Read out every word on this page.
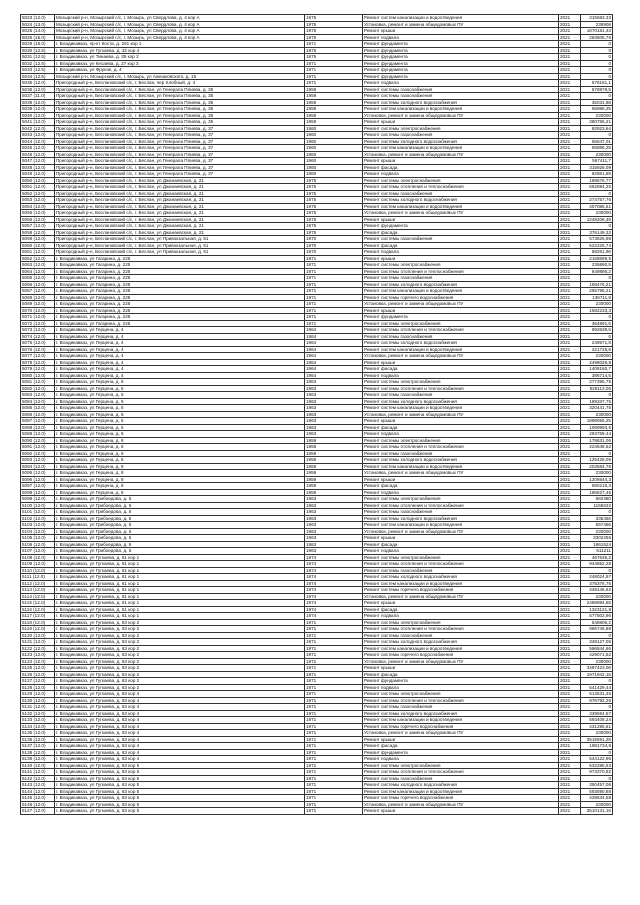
5023 (12.0)	Мозырский р-н, Мозырский с/с, г. Мозырь, ул Свердлова, д. 4 кор А	1975	Ремонт систем канализации и водоотведения	2021	315583,33
5024 (13.0)	Мозырский р-н, Мозырский с/с, г. Мозырь, ул Свердлова, д. 4 кор А	1975	Установка, ремонт и замена общедомовых ПУ	2021	238908
5025 (14.0)	Мозырский р-н, Мозырский с/с, г. Мозырь, ул Свердлова, д. 4 кор А	1975	Ремонт крыши	2021	1870181,43
5026 (15.0)	Мозырский р-н, Мозырский с/с, г. Мозырь, ул Свердлова, д. 4 кор А	1975	Ремонт подвала	2021	283505,76
5029 (15.0)	г. Владикавказ, пр-кт Коста, д. 261 кор 1	1971	Ремонт фундамента	2021	0
5030 (12.5)	г. Владикавказ, ул Гугкаева, д. 32 кор 4	1975	Ремонт фундамента	2021	0
5031 (12.5)	г. Владикавказ, ул Тинаева, д. 35 кор 2	1975	Ремонт фундамента	2021	0
5032 (12.5)	г. Владикавказ, ул Кесаева, д. 27 кор 3	1971	Ремонт фундамента	2021	0
5033 (12.5)	г. Владикавказ, ул Фрунзе, д. 4	1971	Ремонт фундамента	2021	0
5034 (12.5)	Мозырский р-н, Мозырский с/с, г. Мозырь, ул Ажешковского, д. 15	1971	Ремонт фундамента	2021	0
5035 (12.0)	Пригородный р-н, Беслановский с/с, г. Беслан, пер Хлебный, д. 4	1971	Ремонт подвала	2021	576161,1
5036 (12.0)	Пригородный р-н, Беслановский с/с, г. Беслан, ул Генерала Плиева, д. 35	1959	Ремонт системы газоснабжения	2021	578979,5
5037 (11.0)	Пригородный р-н, Беслановский с/с, г. Беслан, ул Генерала Плиева, д. 35	1959	Ремонт системы газоснабжения	2021	0
5038 (12.0)	Пригородный р-н, Беслановский с/с, г. Беслан, ул Генерала Плиева, д. 35	1959	Ремонт системы холодного водоснабжения	2021	35031,88
5039 (12.0)	Пригородный р-н, Беслановский с/с, г. Беслан, ул Генерала Плиева, д. 35	1959	Ремонт систем канализации и водоотведения	2021	65988,25
5040 (12.0)	Пригородный р-н, Беслановский с/с, г. Беслан, ул Генерала Плиева, д. 35	1959	Установка, ремонт и замена общедомовых ПУ	2021	230000
5041 (12.0)	Пригородный р-н, Беслановский с/с, г. Беслан, ул Генерала Плиева, д. 35	1959	Ремонт крыши	2021	380766,21
5042 (12.0)	Пригородный р-н, Беслановский с/с, г. Беслан, ул Генерала Плиева, д. 37	1960	Ремонт системы электроснабжения	2021	82923,64
5043 (12.0)	Пригородный р-н, Беслановский с/с, г. Беслан, ул Генерала Плиева, д. 37	1960	Ремонт системы газоснабжения	2021	0
5044 (12.0)	Пригородный р-н, Беслановский с/с, г. Беслан, ул Генерала Плиева, д. 37	1960	Ремонт системы холодного водоснабжения	2021	56647,01
5045 (12.0)	Пригородный р-н, Беслановский с/с, г. Беслан, ул Генерала Плиева, д. 37	1960	Ремонт систем канализации и водоотведения	2021	65886,28
5046 (12.0)	Пригородный р-н, Беслановский с/с, г. Беслан, ул Генерала Плиева, д. 37	1960	Установка, ремонт и замена общедомовых ПУ	2021	230000
5047 (12.0)	Пригородный р-н, Беслановский с/с, г. Беслан, ул Генерала Плиева, д. 37	1960	Ремонт крыши	2021	567411,7
5048 (12.0)	Пригородный р-н, Беслановский с/с, г. Беслан, ул Генерала Плиева, д. 37	1960	Ремонт фасада	2021	315926,09
5049 (12.0)	Пригородный р-н, Беслановский с/с, г. Беслан, ул Генерала Плиева, д. 37	1960	Ремонт подвала	2021	82861,69
5050 (12.0)	Пригородный р-н, Беслановский с/с, г. Беслан, ул Джанаевская, д. 21	1975	Ремонт системы электроснабжения	2021	169576,77
5051 (12.0)	Пригородный р-н, Беслановский с/с, г. Беслан, ул Джанаевская, д. 21	1975	Ремонт системы отопления и теплоснабжения	2021	662894,25
5052 (12.0)	Пригородный р-н, Беслановский с/с, г. Беслан, ул Джанаевская, д. 21	1975	Ремонт системы газоснабжения	2021	0
5053 (12.0)	Пригородный р-н, Беслановский с/с, г. Беслан, ул Джанаевская, д. 21	1975	Ремонт системы холодного водоснабжения	2021	274757,76
5054 (12.0)	Пригородный р-н, Беслановский с/с, г. Беслан, ул Джанаевская, д. 21	1975	Ремонт систем канализации и водоотведения	2021	407086,51
5055 (12.0)	Пригородный р-н, Беслановский с/с, г. Беслан, ул Джанаевская, д. 21	1975	Установка, ремонт и замена общедомовых ПУ	2021	230000
5056 (12.0)	Пригородный р-н, Беслановский с/с, г. Беслан, ул Джанаевская, д. 21	1975	Ремонт крыши	2021	1248208,49
5057 (12.0)	Пригородный р-н, Беслановский с/с, г. Беслан, ул Джанаевская, д. 21	1975	Ремонт фундамента	2021	0
5058 (12.0)	Пригородный р-н, Беслановский с/с, г. Беслан, ул Джанаевская, д. 21	1975	Ремонт фасада	2021	376149,32
5059 (12.0)	Пригородный р-н, Беслановский с/с, г. Беслан, ул Привокзальная, д. 51	1970	Ремонт системы газоснабжения	2021	573826,98
5060 (12.0)	Пригородный р-н, Беслановский с/с, г. Беслан, ул Привокзальная, д. 51	1970	Ремонт фасада	2021	522225,74
5061 (12.0)	Пригородный р-н, Беслановский с/с, г. Беслан, ул Привокзальная, д. 51	1970	Ремонт подвала	2021	88261,96
5062 (12.0)	г. Владикавказ, ул Гагарина, д. 225	1971	Ремонт крыши	2021	2168699,5
5063 (12.0)	г. Владикавказ, ул Гагарина, д. 225	1971	Ремонт системы электроснабжения	2021	235890,5
5064 (12.0)	г. Владикавказ, ул Гагарина, д. 225	1971	Ремонт системы отопления и теплоснабжения	2021	849895,2
5065 (12.0)	г. Владикавказ, ул Гагарина, д. 225	1971	Ремонт системы газоснабжения	2021	0
5066 (12.0)	г. Владикавказ, ул Гагарина, д. 225	1971	Ремонт системы холодного водоснабжения	2021	158476,21
5067 (12.0)	г. Владикавказ, ул Гагарина, д. 225	1971	Ремонт систем канализации и водоотведения	2021	265796,21
5068 (12.0)	г. Владикавказ, ул Гагарина, д. 225	1971	Ремонт системы горячего водоснабжения	2021	136711,8
5069 (12.0)	г. Владикавказ, ул Гагарина, д. 225	1971	Установка, ремонт и замена общедомовых ПУ	2021	230000
5070 (12.0)	г. Владикавказ, ул Гагарина, д. 225	1971	Ремонт крыши	2021	1582233,3
5071 (12.0)	г. Владикавказ, ул Гагарина, д. 225	1971	Ремонт фундамента	2021	0
5072 (12.0)	г. Владикавказ, ул Гагарина, д. 225	1971	Ремонт системы электроснабжения	2021	364891,5
5073 (12.0)	г. Владикавказ, ул Герцена, д. 4	1964	Ремонт системы отопления и теплоснабжения	2021	692639,6
5074 (12.0)	г. Владикавказ, ул Герцена, д. 4	1964	Ремонт системы газоснабжения	2021	0
5075 (12.0)	г. Владикавказ, ул Герцена, д. 4	1964	Ремонт системы холодного водоснабжения	2021	249571,8
5076 (12.0)	г. Владикавказ, ул Герцена, д. 4	1964	Ремонт систем канализации и водоотведения	2021	421725,8
5077 (12.0)	г. Владикавказ, ул Герцена, д. 4	1964	Установка, ремонт и замена общедомовых ПУ	2021	230000
5078 (12.0)	г. Владикавказ, ул Герцена, д. 4	1964	Ремонт крыши	2021	2498026,8
5079 (12.0)	г. Владикавказ, ул Герцена, д. 4	1964	Ремонт фасада	2021	1408160,7
5080 (12.0)	г. Владикавказ, ул Герцена, д. 4	1964	Ремонт подвала	2021	386714,5
5081 (12.0)	г. Владикавказ, ул Герцена, д. 6	1963	Ремонт системы электроснабжения	2021	277395,75
5082 (12.0)	г. Владикавказ, ул Герцена, д. 6	1963	Ремонт системы отопления и теплоснабжения	2021	526113,06
5083 (12.0)	г. Владикавказ, ул Герцена, д. 6	1963	Ремонт системы газоснабжения	2021	0
5084 (12.0)	г. Владикавказ, ул Герцена, д. 6	1963	Ремонт системы холодного водоснабжения	2021	189337,75
5085 (12.0)	г. Владикавказ, ул Герцена, д. 6	1963	Ремонт систем канализации и водоотведения	2021	320441,75
5086 (12.0)	г. Владикавказ, ул Герцена, д. 6	1963	Установка, ремонт и замена общедомовых ПУ	2021	230000
5087 (12.0)	г. Владикавказ, ул Герцена, д. 6	1963	Ремонт крыши	2021	1898055,25
5088 (12.0)	г. Владикавказ, ул Герцена, д. 6	1963	Ремонт фасада	2021	1069993,5
5089 (12.0)	г. Владикавказ, ул Герцена, д. 6	1963	Ремонт подвала	2021	293769,44
5090 (12.0)	г. Владикавказ, ул Герцена, д. 8	1959	Ремонт системы электроснабжения	2021	178631,06
5091 (12.0)	г. Владикавказ, ул Герцена, д. 8	1959	Ремонт системы отопления и теплоснабжения	2021	224548,52
5092 (12.0)	г. Владикавказ, ул Герцена, д. 8	1959	Ремонт системы газоснабжения	2021	0
5093 (12.0)	г. Владикавказ, ул Герцена, д. 8	1959	Ремонт системы холодного водоснабжения	2021	125428,06
5094 (12.0)	г. Владикавказ, ул Герцена, д. 8	1959	Ремонт систем канализации и водоотведения	2021	203584,76
5095 (12.0)	г. Владикавказ, ул Герцена, д. 8	1959	Установка, ремонт и замена общедомовых ПУ	2021	230000
5096 (12.0)	г. Владикавказ, ул Герцена, д. 8	1959	Ремонт крыши	2021	1206644,3
5097 (12.0)	г. Владикавказ, ул Герцена, д. 8	1959	Ремонт фасада	2021	680218,3
5098 (12.0)	г. Владикавказ, ул Герцена, д. 8	1959	Ремонт подвала	2021	186827,45
5099 (12.0)	г. Владикавказ, ул Грибоедова, д. 5	1963	Ремонт системы электроснабжения	2021	682380
5100 (12.0)	г. Владикавказ, ул Грибоедова, д. 5	1963	Ремонт системы отопления и теплоснабжения	2021	1155632
5101 (12.0)	г. Владикавказ, ул Грибоедова, д. 5	1963	Ремонт системы газоснабжения	2021	0
5102 (12.0)	г. Владикавказ, ул Грибоедова, д. 5	1963	Ремонт системы холодного водоснабжения	2021	335456
5103 (12.0)	г. Владикавказ, ул Грибоедова, д. 5	1963	Ремонт систем канализации и водоотведения	2021	557456
5104 (12.0)	г. Владикавказ, ул Грибоедова, д. 5	1963	Установка, ремонт и замена общедомовых ПУ	2021	230000
5105 (12.0)	г. Владикавказ, ул Грибоедова, д. 5	1963	Ремонт крыши	2021	3302256
5106 (12.0)	г. Владикавказ, ул Грибоедова, д. 5	1963	Ремонт фасада	2021	1861524
5107 (12.0)	г. Владикавказ, ул Грибоедова, д. 5	1963	Ремонт подвала	2021	511211
5108 (12.0)	г. Владикавказ, ул Гугкаева, д. 61 кор 1	1974	Ремонт системы электроснабжения	2021	467636,2
5109 (12.0)	г. Владикавказ, ул Гугкаева, д. 61 кор 1	1974	Ремонт системы отопления и теплоснабжения	2021	944852,28
5110 (12.0)	г. Владикавказ, ул Гугкаева, д. 61 кор 1	1974	Ремонт системы газоснабжения	2021	0
5111 (12.0)	г. Владикавказ, ул Гугкаева, д. 61 кор 1	1974	Ремонт системы холодного водоснабжения	2021	248024,97
5112 (12.0)	г. Владикавказ, ул Гугкаева, д. 61 кор 1	1974	Ремонт систем канализации и водоотведения	2021	375376,76
5113 (12.0)	г. Владикавказ, ул Гугкаева, д. 61 кор 1	1974	Ремонт системы горячего водоснабжения	2021	448146,62
5114 (12.0)	г. Владикавказ, ул Гугкаева, д. 61 кор 1	1974	Установка, ремонт и замена общедомовых ПУ	2021	230000
5115 (12.0)	г. Владикавказ, ул Гугкаева, д. 61 кор 1	1974	Ремонт крыши	2021	2488994,65
5116 (12.0)	г. Владикавказ, ул Гугкаева, д. 61 кор 1	1974	Ремонт фасада	2021	1323121,8
5117 (12.0)	г. Владикавказ, ул Гугкаева, д. 61 кор 1	1974	Ремонт подвала	2021	577502,96
5118 (12.0)	г. Владикавказ, ул Гугкаева, д. 63 кор 2	1971	Ремонт системы электроснабжения	2021	548806,2
5119 (12.0)	г. Владикавказ, ул Гугкаева, д. 63 кор 2	1971	Ремонт системы отопления и теплоснабжения	2021	966746,88
5120 (12.0)	г. Владикавказ, ул Гугкаева, д. 63 кор 2	1971	Ремонт системы газоснабжения	2021	0
5121 (12.0)	г. Владикавказ, ул Гугкаева, д. 63 кор 2	1971	Ремонт системы холодного водоснабжения	2021	349127,06
5122 (12.0)	г. Владикавказ, ул Гугкаева, д. 63 кор 2	1971	Ремонт систем канализации и водоотведения	2021	596844,66
5123 (12.0)	г. Владикавказ, ул Гугкаева, д. 63 кор 2	1971	Ремонт системы горячего водоснабжения	2021	429071,52
5124 (12.0)	г. Владикавказ, ул Гугкаева, д. 63 кор 2	1971	Установка, ремонт и замена общедомовых ПУ	2021	230000
5125 (12.0)	г. Владикавказ, ул Гугкаева, д. 63 кор 2	1971	Ремонт крыши	2021	3497423,06
5126 (12.0)	г. Владикавказ, ул Гугкаева, д. 63 кор 2	1971	Ремонт фасада	2021	1971942,16
5127 (12.0)	г. Владикавказ, ул Гугкаева, д. 63 кор 2	1971	Ремонт фундамента	2021	0
5128 (12.0)	г. Владикавказ, ул Гугкаева, д. 63 кор 2	1971	Ремонт подвала	2021	541429,44
5129 (12.0)	г. Владикавказ, ул Гугкаева, д. 63 кор 4	1971	Ремонт системы электроснабжения	2021	513531,45
5130 (12.0)	г. Владикавказ, ул Гугкаева, д. 63 кор 4	1971	Ремонт системы отопления и теплоснабжения	2021	976792,26
5131 (12.0)	г. Владикавказ, ул Гугкаева, д. 63 кор 4	1971	Ремонт системы газоснабжения	2021	0
5132 (12.0)	г. Владикавказ, ул Гугкаева, д. 63 кор 4	1971	Ремонт системы холодного водоснабжения	2021	339594,57
5133 (12.0)	г. Владикавказ, ул Гугкаева, д. 63 кор 4	1971	Ремонт систем канализации и водоотведения	2021	593408,24
5134 (12.0)	г. Владикавказ, ул Гугкаева, д. 63 кор 4	1971	Ремонт системы горячего водоснабжения	2021	431295,61
5135 (12.0)	г. Владикавказ, ул Гугкаева, д. 63 кор 4	1971	Установка, ремонт и замена общедомовых ПУ	2021	230000
5136 (12.0)	г. Владикавказ, ул Гугкаева, д. 63 кор 4	1971	Ремонт крыши	2021	3515591,28
5137 (12.0)	г. Владикавказ, ул Гугкаева, д. 63 кор 4	1971	Ремонт фасада	2021	1981734,8
5138 (12.0)	г. Владикавказ, ул Гугкаева, д. 63 кор 4	1971	Ремонт фундамента	2021	0
5139 (12.0)	г. Владикавказ, ул Гугкаева, д. 63 кор 4	1971	Ремонт подвала	2021	544122,96
5140 (12.0)	г. Владикавказ, ул Гугкаева, д. 63 кор 5	1971	Ремонт системы электроснабжения	2021	532295,63
5141 (12.0)	г. Владикавказ, ул Гугкаева, д. 63 кор 5	1971	Ремонт системы отопления и теплоснабжения	2021	973370,92
5142 (12.0)	г. Владикавказ, ул Гугкаева, д. 63 кор 5	1971	Ремонт системы газоснабжения	2021	0
5143 (12.0)	г. Владикавказ, ул Гугкаева, д. 63 кор 5	1971	Ремонт системы холодного водоснабжения	2021	350457,06
5144 (12.0)	г. Владикавказ, ул Гугкаева, д. 63 кор 5	1971	Ремонт систем канализации и водоотведения	2021	593590,88
5145 (12.0)	г. Владикавказ, ул Гугкаева, д. 63 кор 5	1971	Ремонт системы горячего водоснабжения	2021	439634,58
5146 (12.0)	г. Владикавказ, ул Гугкаева, д. 63 кор 5	1971	Установка, ремонт и замена общедомовых ПУ	2021	230000
5147 (12.0)	г. Владикавказ, ул Гугкаева, д. 63 кор 5	1971	Ремонт крыши	2021	3510131,16
